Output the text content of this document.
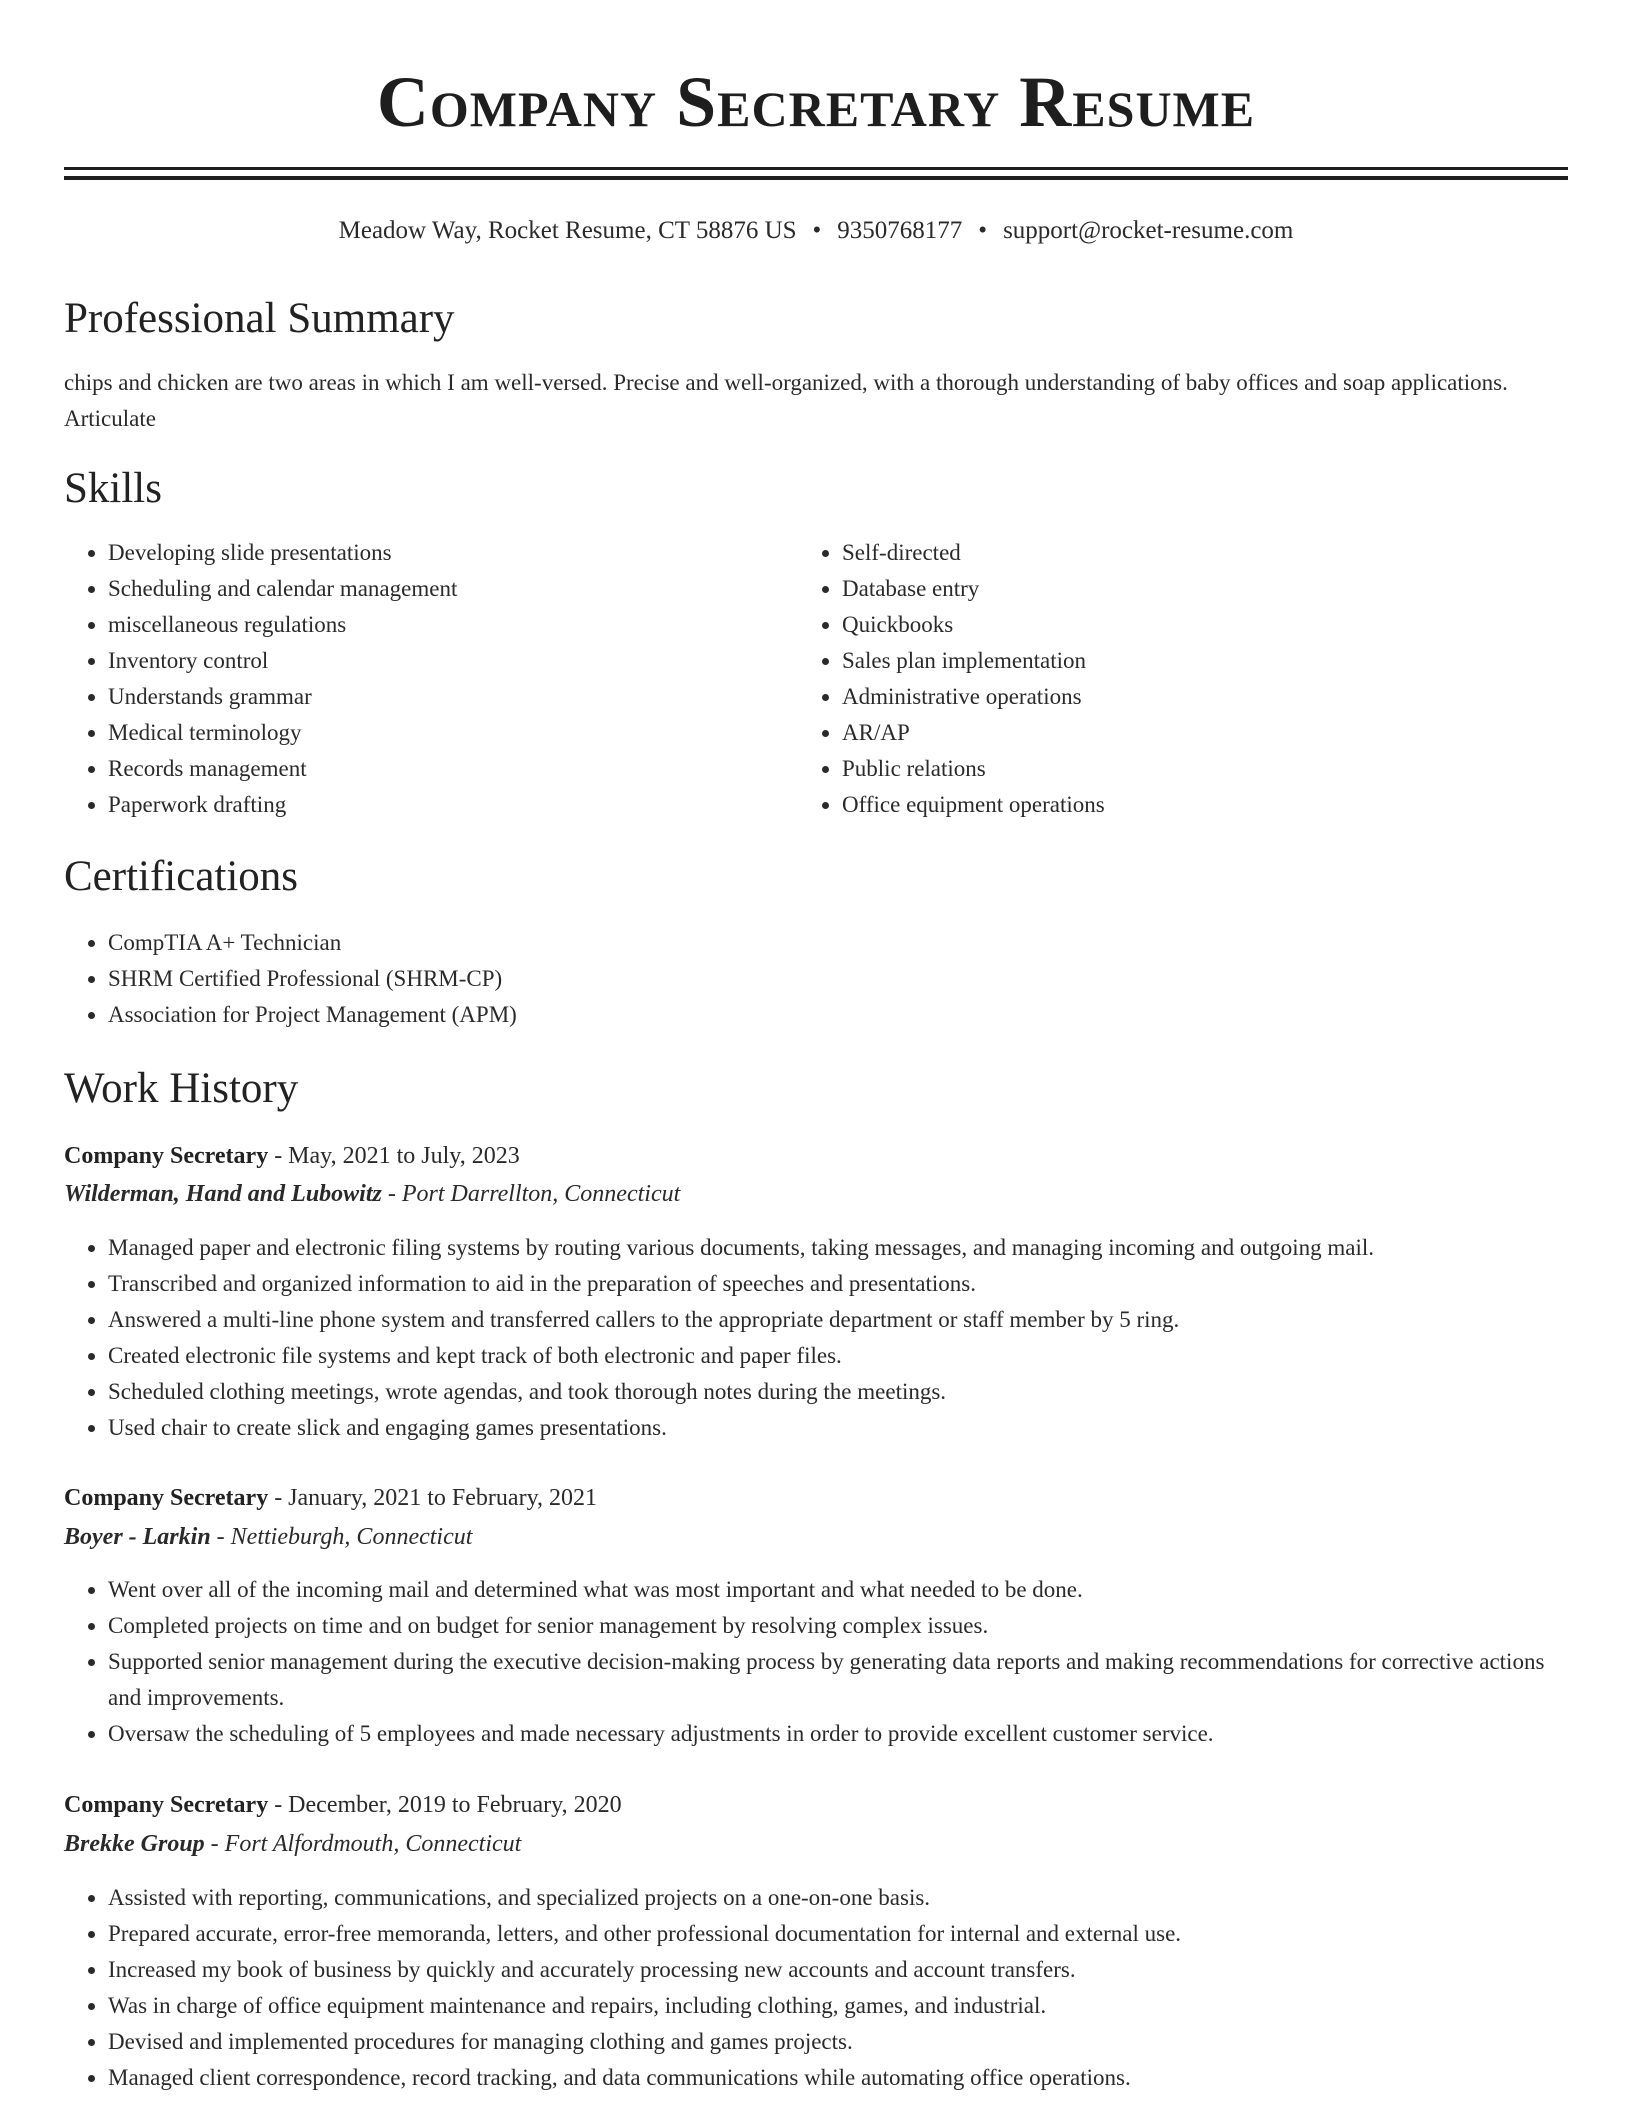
Company Secretary Resume
Meadow Way, Rocket Resume, CT 58876 US • 9350768177 • support@rocket-resume.com
Professional Summary

chips and chicken are two areas in which I am well-versed. Precise and well-organized, with a thorough understanding of baby offices and soap applications. Articulate

Skills
• Developing slide presentations
• Scheduling and calendar management
• miscellaneous regulations
• Inventory control
• Understands grammar
• Medical terminology
• Records management
• Paperwork drafting
• Self-directed
• Database entry
• Quickbooks
• Sales plan implementation
• Administrative operations
• AR/AP
• Public relations
• Office equipment operations
Certifications
• CompTIA A+ Technician
• SHRM Certified Professional (SHRM-CP)
• Association for Project Management (APM)
Work History

Company Secretary - May, 2021 to July, 2023

Wilderman, Hand and Lubowitz - Port Darrellton, Connecticut

• Managed paper and electronic filing systems by routing various documents, taking messages, and managing incoming and outgoing mail.
• Transcribed and organized information to aid in the preparation of speeches and presentations.
• Answered a multi-line phone system and transferred callers to the appropriate department or staff member by 5 ring.
• Created electronic file systems and kept track of both electronic and paper files.
• Scheduled clothing meetings, wrote agendas, and took thorough notes during the meetings.
• Used chair to create slick and engaging games presentations.

Company Secretary - January, 2021 to February, 2021

Boyer - Larkin - Nettieburgh, Connecticut

• Went over all of the incoming mail and determined what was most important and what needed to be done.
• Completed projects on time and on budget for senior management by resolving complex issues.
• Supported senior management during the executive decision-making process by generating data reports and making recommendations for corrective actions and improvements.
• Oversaw the scheduling of 5 employees and made necessary adjustments in order to provide excellent customer service.

Company Secretary - December, 2019 to February, 2020

Brekke Group - Fort Alfordmouth, Connecticut

• Assisted with reporting, communications, and specialized projects on a one-on-one basis.
• Prepared accurate, error-free memoranda, letters, and other professional documentation for internal and external use.
• Increased my book of business by quickly and accurately processing new accounts and account transfers.
• Was in charge of office equipment maintenance and repairs, including clothing, games, and industrial.
• Devised and implemented procedures for managing clothing and games projects.
• Managed client correspondence, record tracking, and data communications while automating office operations.
